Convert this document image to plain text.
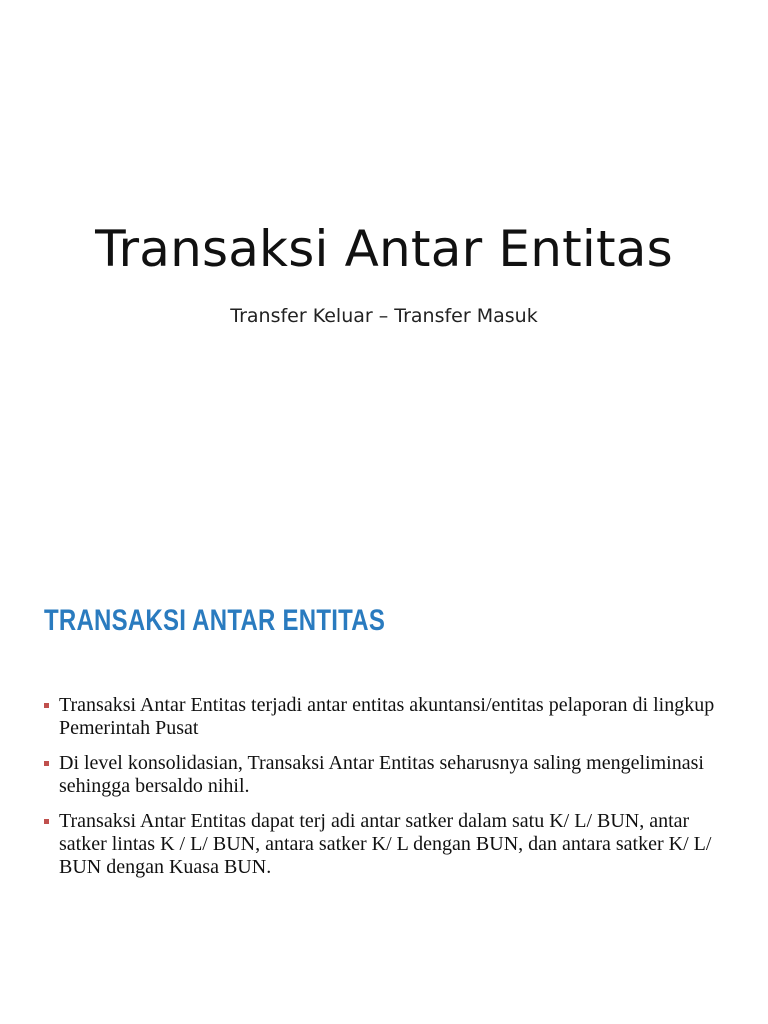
Transaksi Antar Entitas

Transfer Keluar – Transfer Masuk

TRANSAKSI ANTAR ENTITAS
Transaksi Antar Entitas terjadi antar entitas akuntansi/entitas pelaporan di lingkup Pemerintah Pusat
Di level konsolidasian, Transaksi Antar Entitas seharusnya saling mengeliminasi sehingga bersaldo nihil.
Transaksi Antar Entitas dapat terj adi antar satker dalam satu K/ L/ BUN, antar satker lintas K / L/ BUN, antara satker K/ L dengan BUN, dan antara satker K/ L/ BUN dengan Kuasa BUN.
